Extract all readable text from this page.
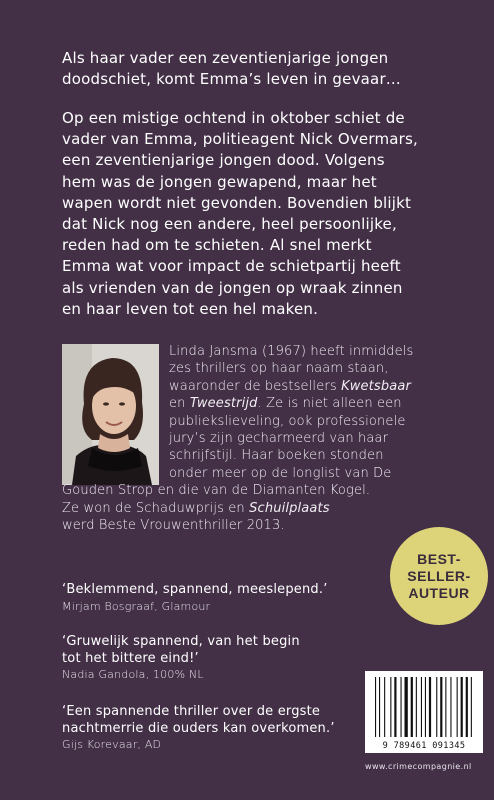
Als haar vader een zeventienjarige jongen
doodschiet, komt Emma’s leven in gevaar…
Op een mistige ochtend in oktober schiet de
vader van Emma, politieagent Nick Overmars,
een zeventienjarige jongen dood. Volgens
hem was de jongen gewapend, maar het
wapen wordt niet gevonden. Bovendien blijkt
dat Nick nog een andere, heel persoonlijke,
reden had om te schieten. Al snel merkt
Emma wat voor impact de schietpartij heeft
als vrienden van de jongen op wraak zinnen
en haar leven tot een hel maken.
Linda Jansma (1967) heeft inmiddels
zes thrillers op haar naam staan,
waaronder de bestsellers Kwetsbaar
en Tweestrijd. Ze is niet alleen een
publiekslieveling, ook professionele
jury’s zijn gecharmeerd van haar
schrijfstijl. Haar boeken stonden
onder meer op de longlist van De
Gouden Strop en die van de Diamanten Kogel.
Ze won de Schaduwprijs en Schuilplaats
werd Beste Vrouwenthriller 2013.
BEST-
SELLER-
AUTEUR
‘Beklemmend, spannend, meeslepend.’
Mirjam Bosgraaf, Glamour
‘Gruwelijk spannend, van het begin
tot het bittere eind!’
Nadia Gandola, 100% NL
‘Een spannende thriller over de ergste
nachtmerrie die ouders kan overkomen.’
Gijs Korevaar, AD	9 789461 091345
www.crimecompagnie.nl
